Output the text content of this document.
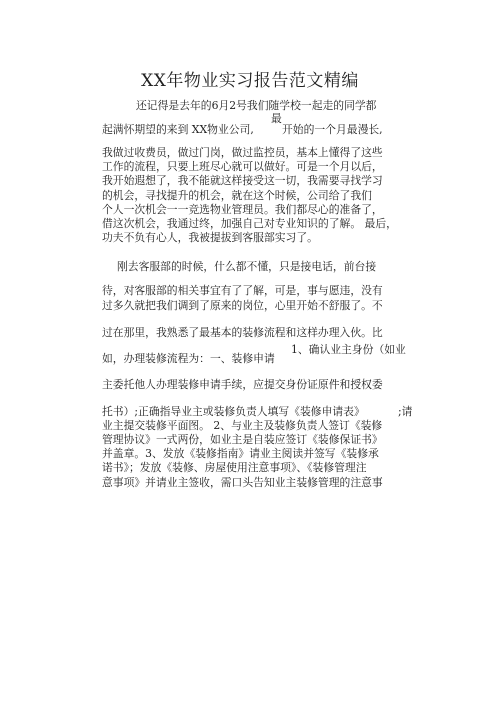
XX年物业实习报告范文精编
还记得是去年的6月2号我们随学校一起走的同学都
最
起满怀期望的来到 XX物业公司,	开始的一个月最漫长,
我做过收费员，做过门岗，做过监控员，基本上懂得了这些
工作的流程，只要上班尽心就可以做好。可是一个月以后，
我开始遐想了，我不能就这样接受这一切，我需要寻找学习
的机会，寻找提升的机会，就在这个时候，公司给了我们
个人一次机会一一竞选物业管理员。我们都尽心的准备了，
借这次机会，我通过终，加强自己对专业知识的了解。 最后，
功夫不负有心人，我被提拔到客服部实习了。
刚去客服部的时候，什么都不懂，只是接电话，前台接
待，对客服部的相关事宜有了了解，可是，事与愿违，没有
过多久就把我们调到了原来的岗位，心里开始不舒服了。不
过在那里，我熟悉了最基本的装修流程和这样办理入伙。比
1、确认业主身份（如业
如，办理装修流程为：一、装修申请
主委托他人办理装修申请手续，应提交身份证原件和授权委
托书）;正确指导业主或装修负责人填写《装修申请表》	;请
业主提交装修平面图。 2、与业主及装修负责人签订《装修
管理协议》一式两份，如业主是自装应签订《装修保证书》
并盖章。3、发放《装修指南》请业主阅读并签写《装修承
诺书》；发放《装修、房屋使用注意事项》、《装修管理注
意事项》并请业主签收，需口头告知业主装修管理的注意事
